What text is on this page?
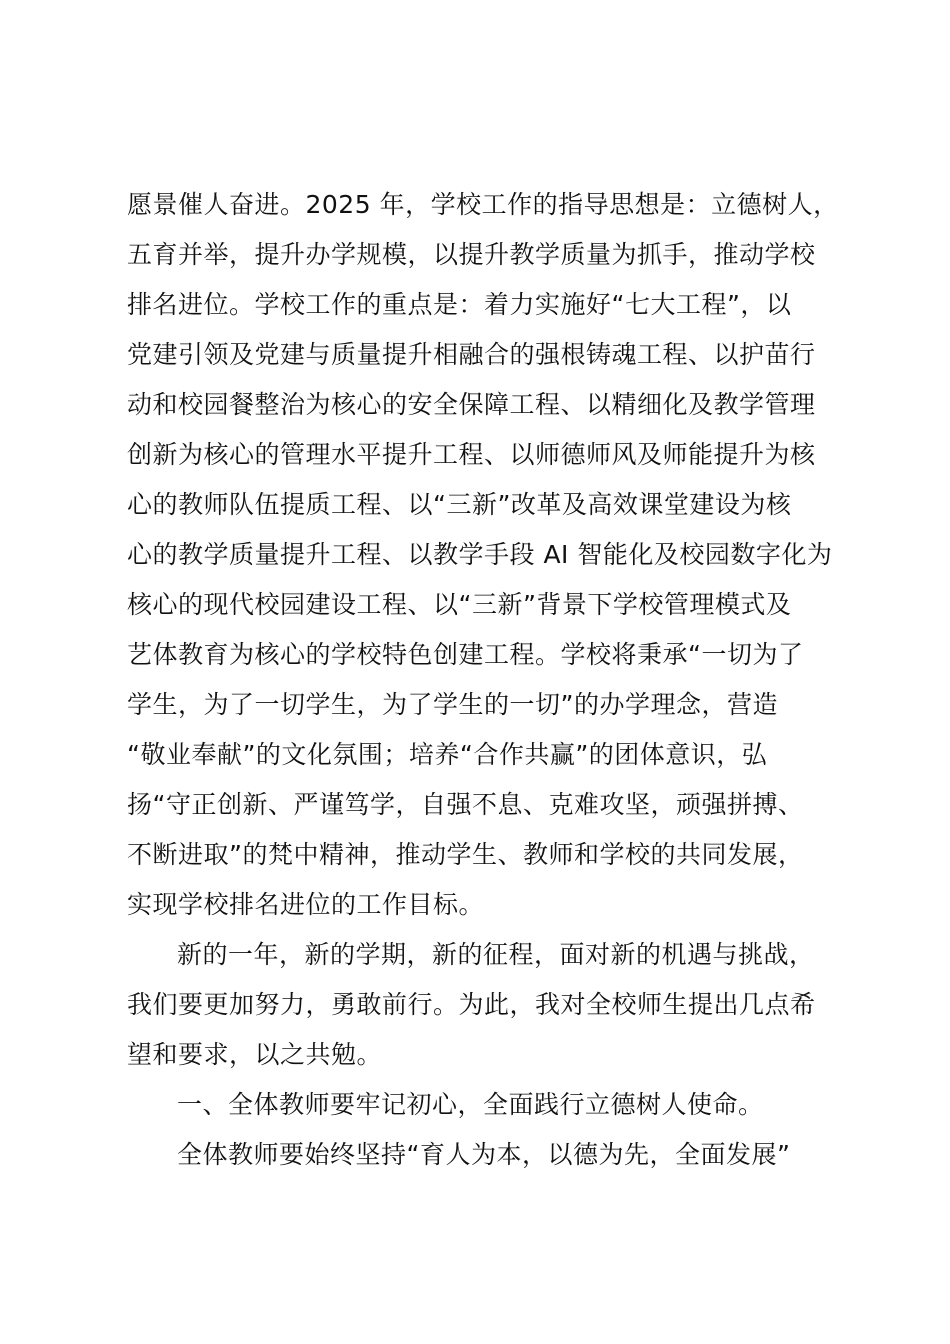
愿景催人奋进。2025 年，学校工作的指导思想是：立德树人，
五育并举，提升办学规模，以提升教学质量为抓手，推动学校
排名进位。学校工作的重点是：着力实施好“七大工程”，以
党建引领及党建与质量提升相融合的强根铸魂工程、以护苗行
动和校园餐整治为核心的安全保障工程、以精细化及教学管理
创新为核心的管理水平提升工程、以师德师风及师能提升为核
心的教师队伍提质工程、以“三新”改革及高效课堂建设为核
心的教学质量提升工程、以教学手段 AI 智能化及校园数字化为
核心的现代校园建设工程、以“三新”背景下学校管理模式及
艺体教育为核心的学校特色创建工程。学校将秉承“一切为了
学生，为了一切学生，为了学生的一切”的办学理念，营造
“敬业奉献”的文化氛围；培养“合作共赢”的团体意识，弘
扬“守正创新、严谨笃学，自强不息、克难攻坚，顽强拼搏、
不断进取”的梵中精神，推动学生、教师和学校的共同发展，
实现学校排名进位的工作目标。
新的一年，新的学期，新的征程，面对新的机遇与挑战，
我们要更加努力，勇敢前行。为此，我对全校师生提出几点希
望和要求，以之共勉。
一、全体教师要牢记初心，全面践行立德树人使命。
全体教师要始终坚持“育人为本，以德为先，全面发展”
